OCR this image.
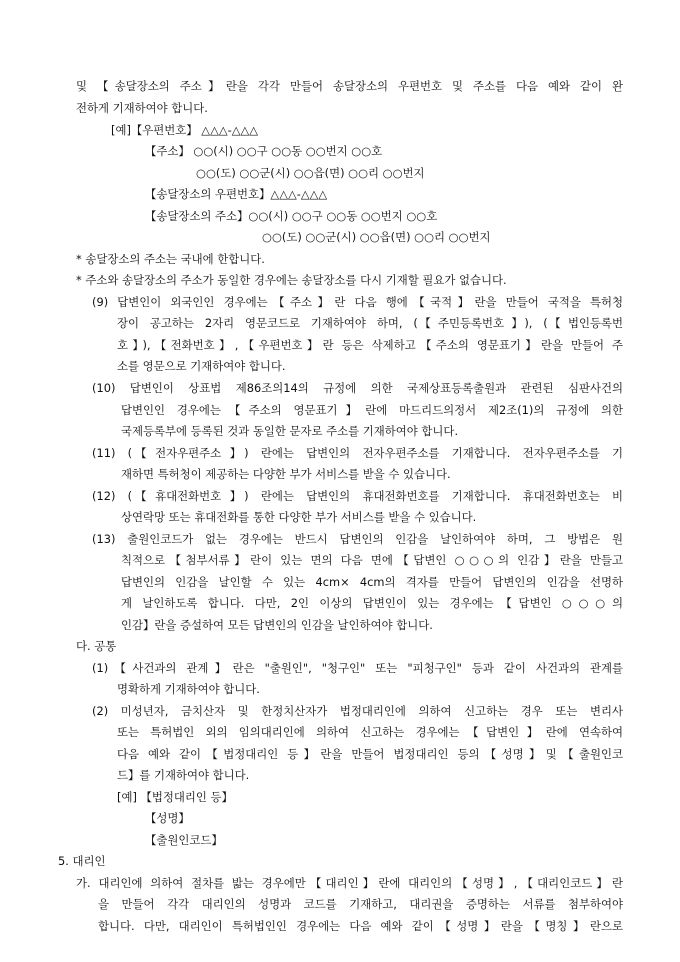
및 【송달장소의 주소】란을 각각 만들어 송달장소의 우편번호 및 주소를 다음 예와 같이 완
전하게 기재하여야 합니다.
[예]【우편번호】 △△△-△△△
【주소】 ○○(시) ○○구 ○○동 ○○번지 ○○호
○○(도) ○○군(시) ○○읍(면) ○○리 ○○번지
【송달장소의 우편번호】△△△-△△△
【송달장소의 주소】○○(시) ○○구 ○○동 ○○번지 ○○호
○○(도) ○○군(시) ○○읍(면) ○○리 ○○번지
* 송달장소의 주소는 국내에 한합니다.
* 주소와 송달장소의 주소가 동일한 경우에는 송달장소를 다시 기재할 필요가 없습니다.
(9) 답변인이 외국인인 경우에는【주소】란 다음 행에【국적】란을 만들어 국적을 특허청
장이 공고하는 2자리 영문코드로 기재하여야 하며, (【주민등록번호】), (【법인등록번
호】),【전화번호】,【우편번호】란 등은 삭제하고【주소의 영문표기】란을 만들어 주
소를 영문으로 기재하여야 합니다.
(10) 답변인이 상표법 제86조의14의 규정에 의한 국제상표등록출원과 관련된 심판사건의
답변인인 경우에는【주소의 영문표기】란에 마드리드의정서 제2조(1)의 규정에 의한
국제등록부에 등록된 것과 동일한 문자로 주소를 기재하여야 합니다.
(11) (【전자우편주소】) 란에는 답변인의 전자우편주소를 기재합니다. 전자우편주소를 기
재하면 특허청이 제공하는 다양한 부가 서비스를 받을 수 있습니다.
(12) (【휴대전화번호】) 란에는 답변인의 휴대전화번호를 기재합니다. 휴대전화번호는 비
상연락망 또는 휴대전화를 통한 다양한 부가 서비스를 받을 수 있습니다.
(13) 출원인코드가 없는 경우에는 반드시 답변인의 인감을 날인하여야 하며, 그 방법은 원
칙적으로【첨부서류】란이 있는 면의 다음 면에【답변인 ○○○의 인감】란을 만들고
답변인의 인감을 날인할 수 있는 4cm× 4cm의 격자를 만들어 답변인의 인감을 선명하
게 날인하도록 합니다. 다만, 2인 이상의 답변인이 있는 경우에는【답변인 ○○○의
인감】란을 증설하여 모든 답변인의 인감을 날인하여야 합니다.
다. 공통
(1)【사건과의 관계】란은 "출원인", "청구인" 또는 "피청구인" 등과 같이 사건과의 관계를
명확하게 기재하여야 합니다.
(2) 미성년자, 금치산자 및 한정치산자가 법정대리인에 의하여 신고하는 경우 또는 변리사
또는 특허법인 외의 임의대리인에 의하여 신고하는 경우에는【답변인】란에 연속하여
다음 예와 같이【법정대리인 등】란을 만들어 법정대리인 등의【성명】및【출원인코
드】를 기재하여야 합니다.
[예] 【법정대리인 등】
【성명】
【출원인코드】
5. 대리인
가. 대리인에 의하여 절차를 밟는 경우에만【대리인】란에 대리인의【성명】,【대리인코드】란
을 만들어 각각 대리인의 성명과 코드를 기재하고, 대리권을 증명하는 서류를 첨부하여야
합니다. 다만, 대리인이 특허법인인 경우에는 다음 예와 같이【성명】란을【명칭】란으로
